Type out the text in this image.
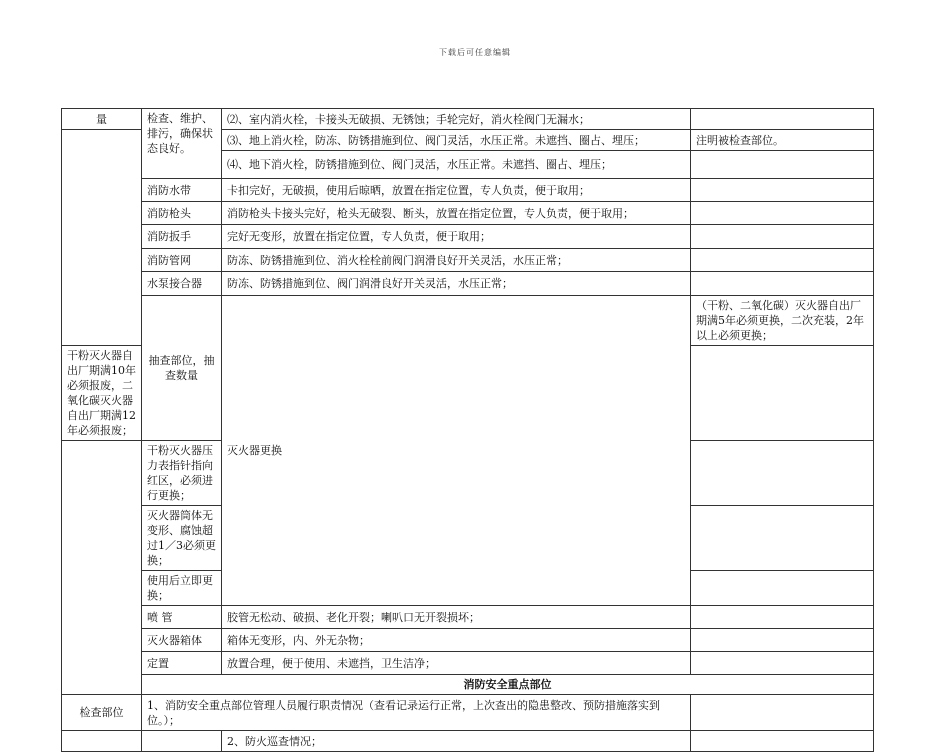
下载后可任意编辑
量	检查、维护、排污，确保状态良好。	⑵、室内消火栓，卡接头无破损、无锈蚀；手轮完好，消火栓阀门无漏水；		
		⑶、地上消火栓，防冻、防锈措施到位、阀门灵活，水压正常。未遮挡、圈占、埋压；	注明被检查部位。	
		⑷、地下消火栓，防锈措施到位、阀门灵活，水压正常。未遮挡、圈占、埋压；		
	消防水带	卡扣完好，无破损，使用后晾晒，放置在指定位置，专人负责，便于取用；		
	消防枪头	消防枪头卡接头完好，枪头无破裂、断头，放置在指定位置，专人负责，便于取用；		
	消防扳手	完好无变形，放置在指定位置，专人负责，便于取用；		
	消防管网	防冻、防锈措施到位、消火栓栓前阀门润滑良好开关灵活，水压正常；		
	水泵接合器	防冻、防锈措施到位、阀门润滑良好开关灵活，水压正常；		
	抽查部位，抽查数量	灭火器更换	（干粉、二氧化碳）灭火器自出厂期满5年必须更换，二次充装，2年以上必须更换；	
干粉灭火器自出厂期满10年必须报废，二氧化碳灭火器自出厂期满12年必须报废；				
	干粉灭火器压力表指针指向红区，必须进行更换；			
	灭火器筒体无变形、腐蚀超过1／3必须更换；			
	使用后立即更换；			
	喷 管	胶管无松动、破损、老化开裂；喇叭口无开裂损坏；		
	灭火器箱体	箱体无变形，内、外无杂物；		
	定置	放置合理，便于使用、未遮挡，卫生洁净；		
	消防安全重点部位			
检查部位	1、消防安全重点部位管理人员履行职责情况（查看记录运行正常，上次查出的隐患整改、预防措施落实到位。）；			
		2、防火巡查情况；		
